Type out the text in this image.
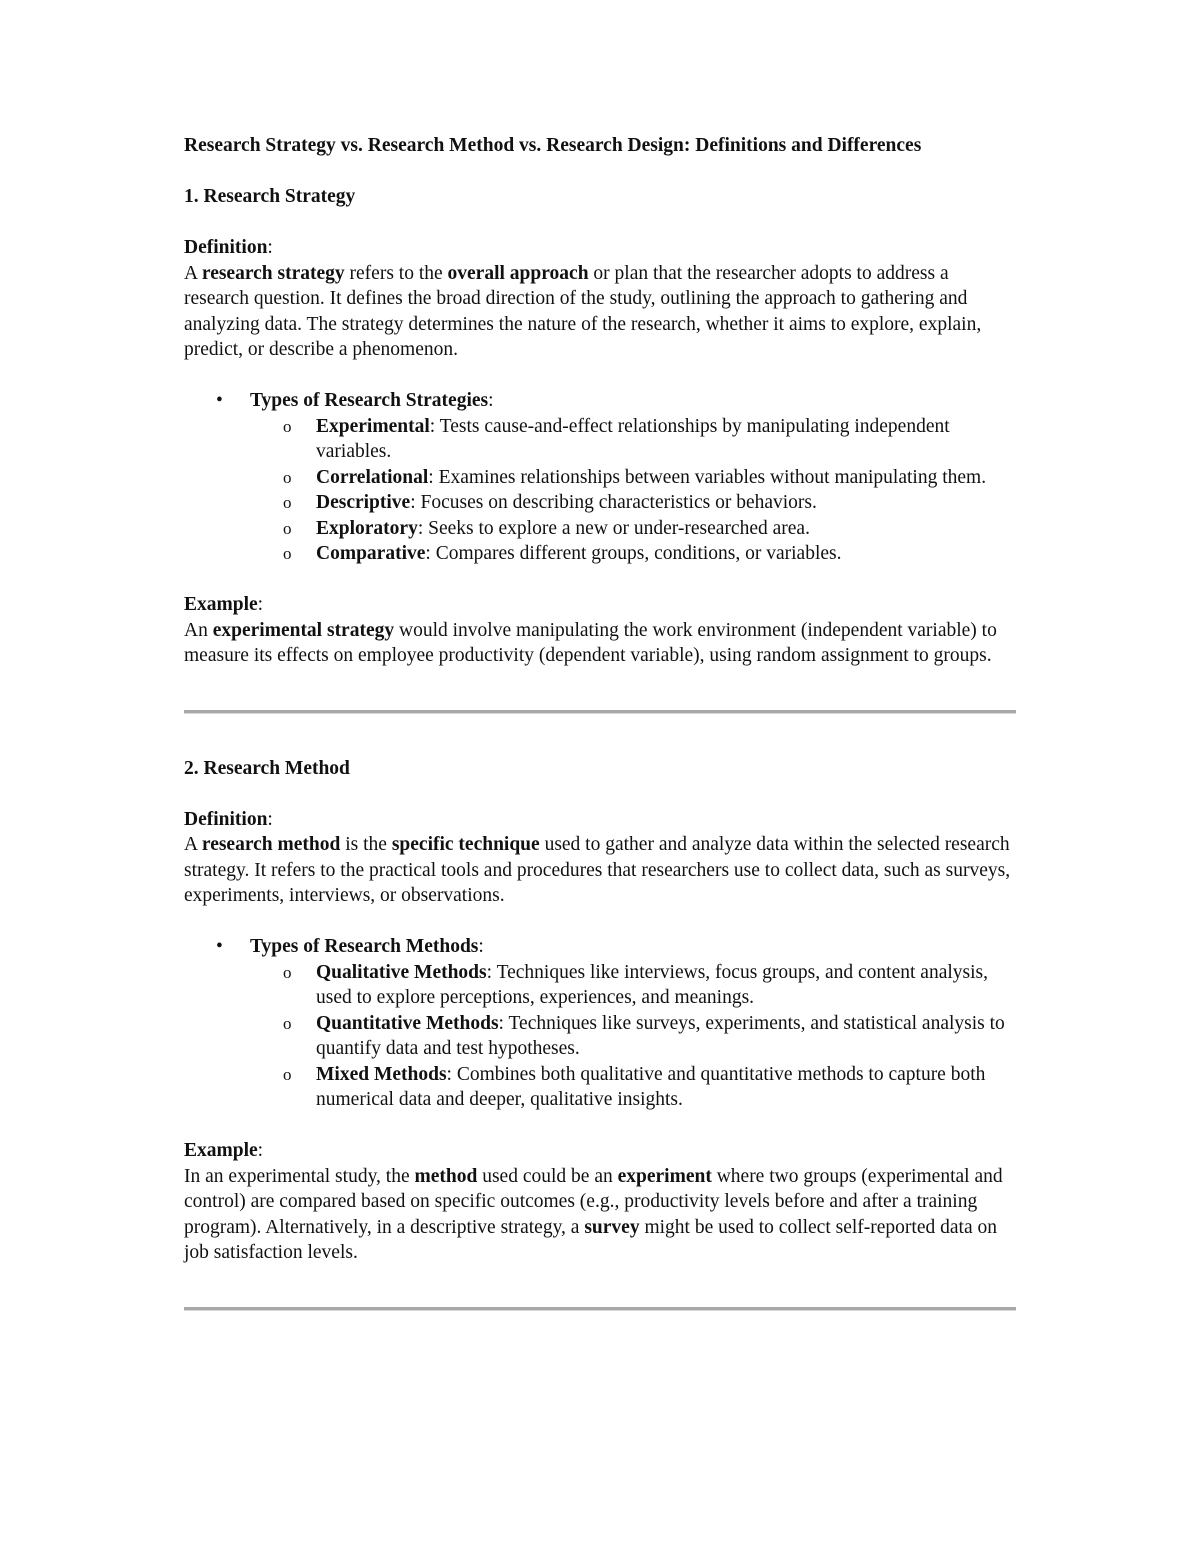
Research Strategy vs. Research Method vs. Research Design: Definitions and Differences

1. Research Strategy

Definition:

A research strategy refers to the overall approach or plan that the researcher adopts to address a research question. It defines the broad direction of the study, outlining the approach to gathering and analyzing data. The strategy determines the nature of the research, whether it aims to explore, explain, predict, or describe a phenomenon.

• Types of Research Strategies:
o Experimental: Tests cause-and-effect relationships by manipulating independent variables.
o Correlational: Examines relationships between variables without manipulating them.
o Descriptive: Focuses on describing characteristics or behaviors.
o Exploratory: Seeks to explore a new or under-researched area.
o Comparative: Compares different groups, conditions, or variables.

Example:

An experimental strategy would involve manipulating the work environment (independent variable) to measure its effects on employee productivity (dependent variable), using random assignment to groups.

2. Research Method

Definition:

A research method is the specific technique used to gather and analyze data within the selected research strategy. It refers to the practical tools and procedures that researchers use to collect data, such as surveys, experiments, interviews, or observations.

• Types of Research Methods:
o Qualitative Methods: Techniques like interviews, focus groups, and content analysis, used to explore perceptions, experiences, and meanings.
o Quantitative Methods: Techniques like surveys, experiments, and statistical analysis to quantify data and test hypotheses.
o Mixed Methods: Combines both qualitative and quantitative methods to capture both numerical data and deeper, qualitative insights.

Example:

In an experimental study, the method used could be an experiment where two groups (experimental and control) are compared based on specific outcomes (e.g., productivity levels before and after a training program). Alternatively, in a descriptive strategy, a survey might be used to collect self-reported data on job satisfaction levels.
